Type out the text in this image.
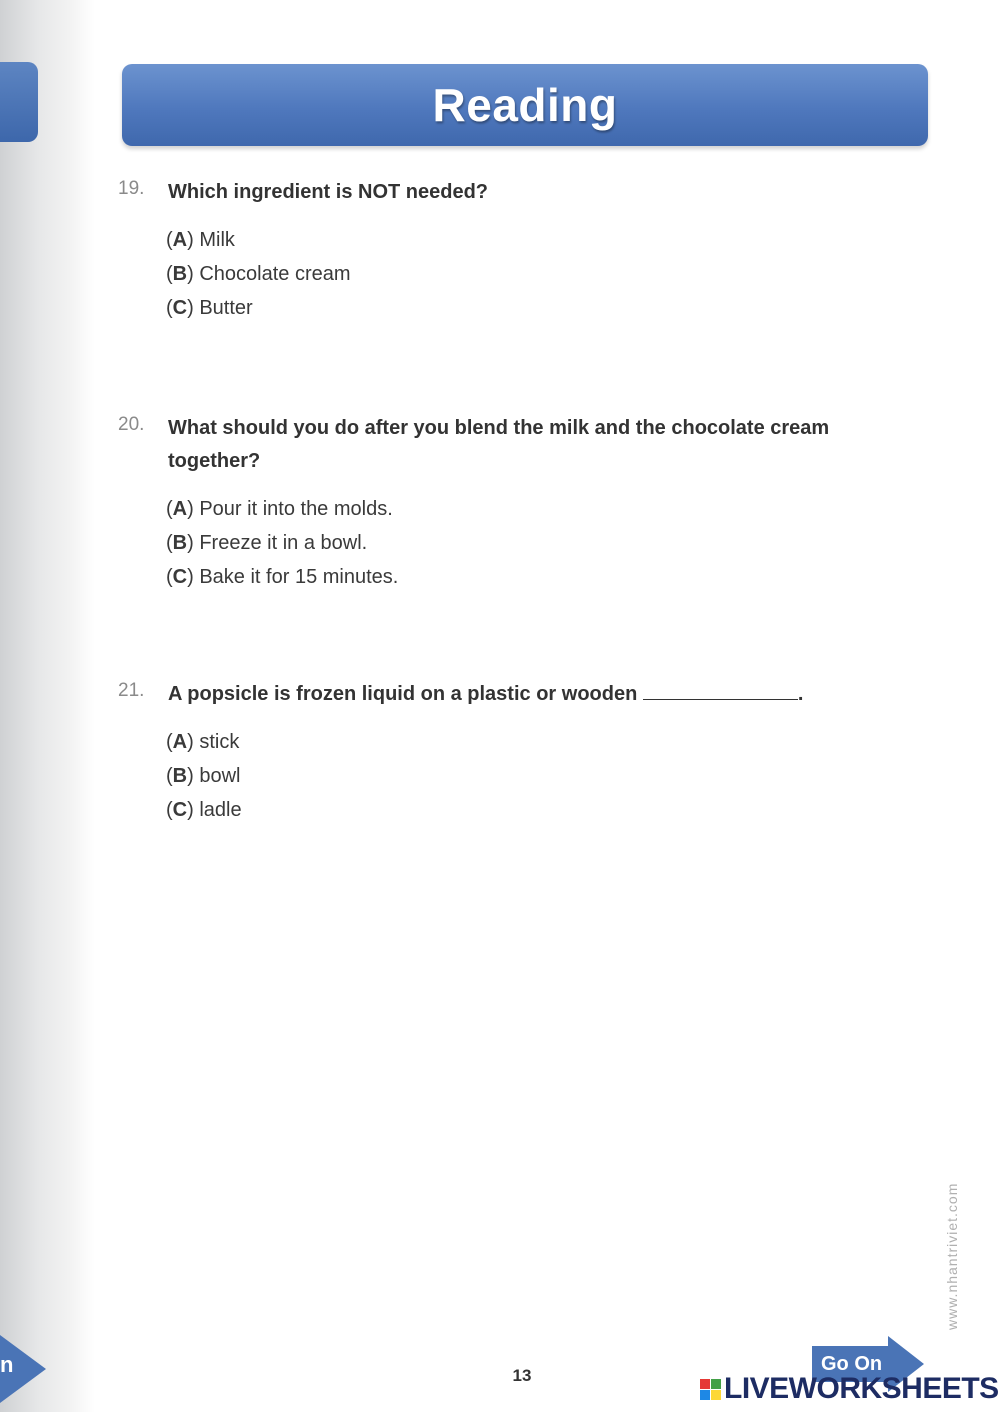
n
Reading
19.	Which ingredient is NOT needed?
(A) Milk
(B) Chocolate cream
(C) Butter
20.	What should you do after you blend the milk and the chocolate cream together?
(A) Pour it into the molds.
(B) Freeze it in a bowl.
(C) Bake it for 15 minutes.
21.	A popsicle is frozen liquid on a plastic or wooden	.
(A) stick
(B) bowl
(C) ladle
www.nhantriviet.com
13
Go On
LIVEWORKSHEETS
